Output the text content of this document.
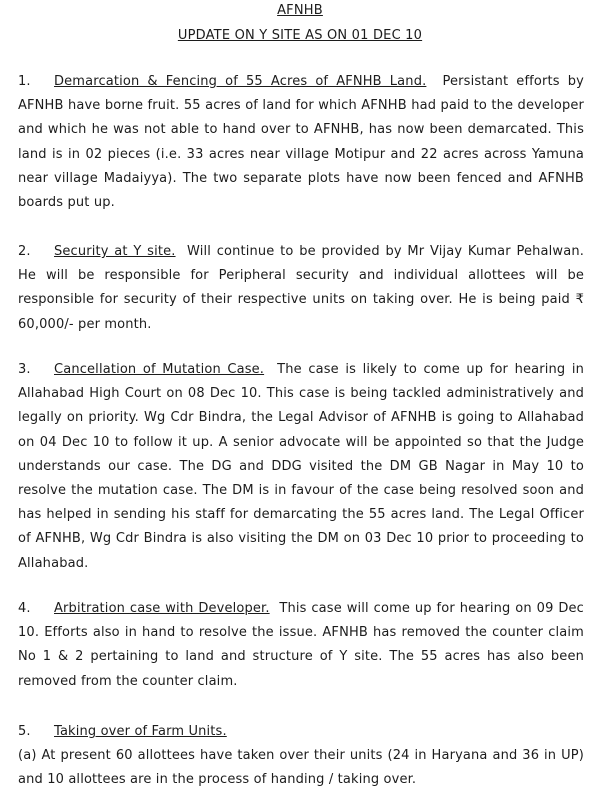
AFNHB
UPDATE ON Y SITE AS ON 01 DEC 10
1. Demarcation & Fencing of 55 Acres of AFNHB Land. Persistant efforts by AFNHB have borne fruit. 55 acres of land for which AFNHB had paid to the developer and which he was not able to hand over to AFNHB, has now been demarcated. This land is in 02 pieces (i.e. 33 acres near village Motipur and 22 acres across Yamuna near village Madaiyya). The two separate plots have now been fenced and AFNHB boards put up.
2. Security at Y site. Will continue to be provided by Mr Vijay Kumar Pehalwan. He will be responsible for Peripheral security and individual allottees will be responsible for security of their respective units on taking over. He is being paid ₹ 60,000/- per month.
3. Cancellation of Mutation Case. The case is likely to come up for hearing in Allahabad High Court on 08 Dec 10. This case is being tackled administratively and legally on priority. Wg Cdr Bindra, the Legal Advisor of AFNHB is going to Allahabad on 04 Dec 10 to follow it up. A senior advocate will be appointed so that the Judge understands our case. The DG and DDG visited the DM GB Nagar in May 10 to resolve the mutation case. The DM is in favour of the case being resolved soon and has helped in sending his staff for demarcating the 55 acres land. The Legal Officer of AFNHB, Wg Cdr Bindra is also visiting the DM on 03 Dec 10 prior to proceeding to Allahabad.
4. Arbitration case with Developer. This case will come up for hearing on 09 Dec 10. Efforts also in hand to resolve the issue. AFNHB has removed the counter claim No 1 & 2 pertaining to land and structure of Y site. The 55 acres has also been removed from the counter claim.
5. Taking over of Farm Units.
(a) At present 60 allottees have taken over their units (24 in Haryana and 36 in UP) and 10 allottees are in the process of handing / taking over.
